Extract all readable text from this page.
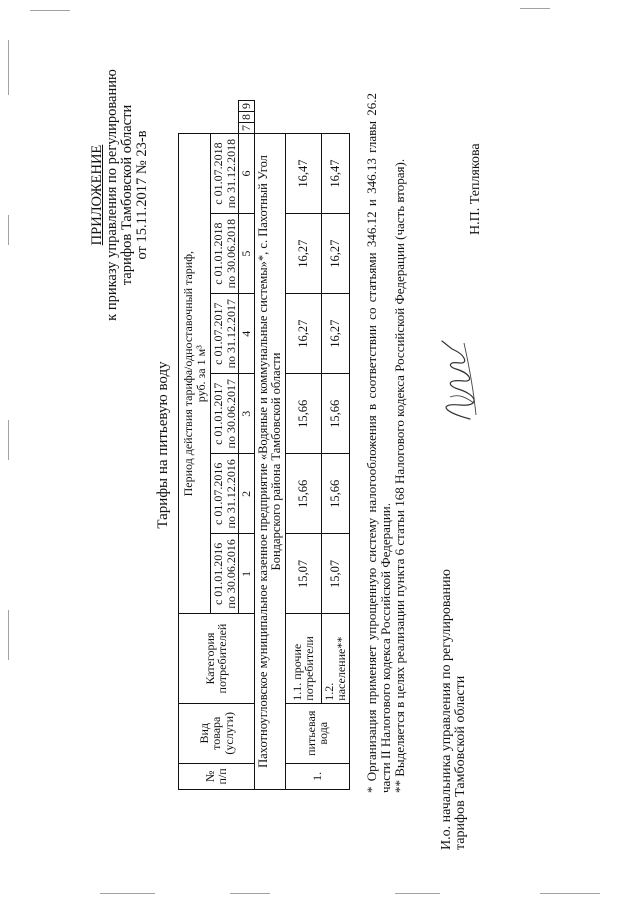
ПРИЛОЖЕНИЕ к приказу управления по регулированию тарифов Тамбовской области от 15.11.2017 № 23-в
Тарифы на питьевую воду
№ п/п	Вид товара (услуги)	Категория потребителей	Период действия тарифа/одноставочный тариф,
руб. за 1 м³								
			с 01.01.2016 по 30.06.2016	с 01.07.2016 по 31.12.2016	с 01.01.2017 по 30.06.2017	с 01.07.2017 по 31.12.2017	с 01.01.2018 по 30.06.2018	с 01.07.2018 по 31.12.2018			
			1	2	3	4	5	6	7	8	9
Пахотноугловское муниципальное казенное предприятие «Водяные и коммунальные системы»*, с. Пахотный Угол Бондарского района Тамбовской области											
1.	питьевая вода	1.1. прочие потребители	15,07	15,66	15,66	16,27	16,27	16,47			
		1.2. население**	15,07	15,66	15,66	16,27	16,27	16,47			* Организация применяет упрощенную систему налогообложения в соответствии со статьями 346.12 и 346.13 главы 26.2 части II Налогового кодекса Российской Федерации. ** Выделяется в целях реализации пункта 6 статьи 168 Налогового кодекса Российской Федерации (часть вторая). И.о. начальника управления по регулированию тарифов Тамбовской области
Н.П. Теплякова
